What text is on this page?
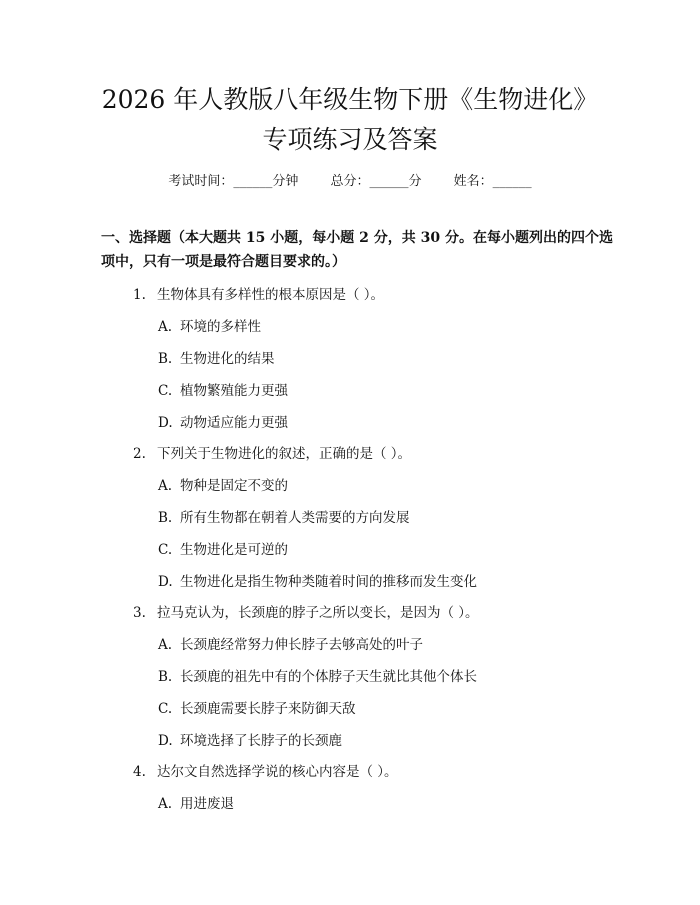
2026 年人教版八年级生物下册《生物进化》
专项练习及答案
考试时间：______分钟 总分：______分 姓名：______
一、选择题（本大题共 15 小题，每小题 2 分，共 30 分。在每小题列出的四个选项中，只有一项是最符合题目要求的。）
1. 生物体具有多样性的根本原因是（ ）。
A. 环境的多样性
B. 生物进化的结果
C. 植物繁殖能力更强
D. 动物适应能力更强
2. 下列关于生物进化的叙述，正确的是（ ）。
A. 物种是固定不变的
B. 所有生物都在朝着人类需要的方向发展
C. 生物进化是可逆的
D. 生物进化是指生物种类随着时间的推移而发生变化
3. 拉马克认为，长颈鹿的脖子之所以变长，是因为（ ）。
A. 长颈鹿经常努力伸长脖子去够高处的叶子
B. 长颈鹿的祖先中有的个体脖子天生就比其他个体长
C. 长颈鹿需要长脖子来防御天敌
D. 环境选择了长脖子的长颈鹿
4. 达尔文自然选择学说的核心内容是（ ）。
A. 用进废退
